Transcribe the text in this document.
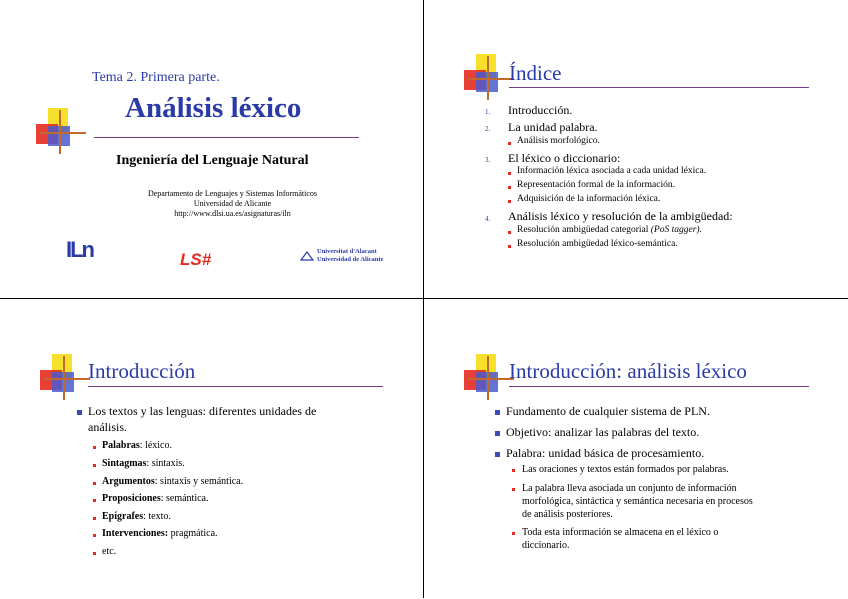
Tema 2. Primera parte.
Análisis léxico
Ingeniería del Lenguaje Natural
Departamento de Lenguajes y Sistemas Informáticos
Universidad de Alicante
http://www.dlsi.ua.es/asignaturas/iln
ILn	LS#	Universitat d'Alacant
Universidad de Alicante
Índice
1. Introducción.
2. La unidad palabra.
Análisis morfológico.
3. El léxico o diccionario:
Información léxica asociada a cada unidad léxica.
Representación formal de la información.
Adquisición de la información léxica.
4. Análisis léxico y resolución de la ambigüedad:
Resolución ambigüedad categorial (PoS tagger).
Resolución ambigüedad léxico-semántica.
Introducción
Los textos y las lenguas: diferentes unidades de
análisis.
Palabras: léxico.
Sintagmas: sintaxis.
Argumentos: sintaxis y semántica.
Proposiciones: semántica.
Epígrafes: texto.
Intervenciones: pragmática.
etc.
Introducción: análisis léxico
Fundamento de cualquier sistema de PLN.
Objetivo: analizar las palabras del texto.
Palabra: unidad básica de procesamiento.
Las oraciones y textos están formados por palabras.
La palabra lleva asociada un conjunto de información
morfológica, sintáctica y semántica necesaria en procesos
de análisis posteriores.
Toda esta información se almacena en el léxico o
diccionario.
